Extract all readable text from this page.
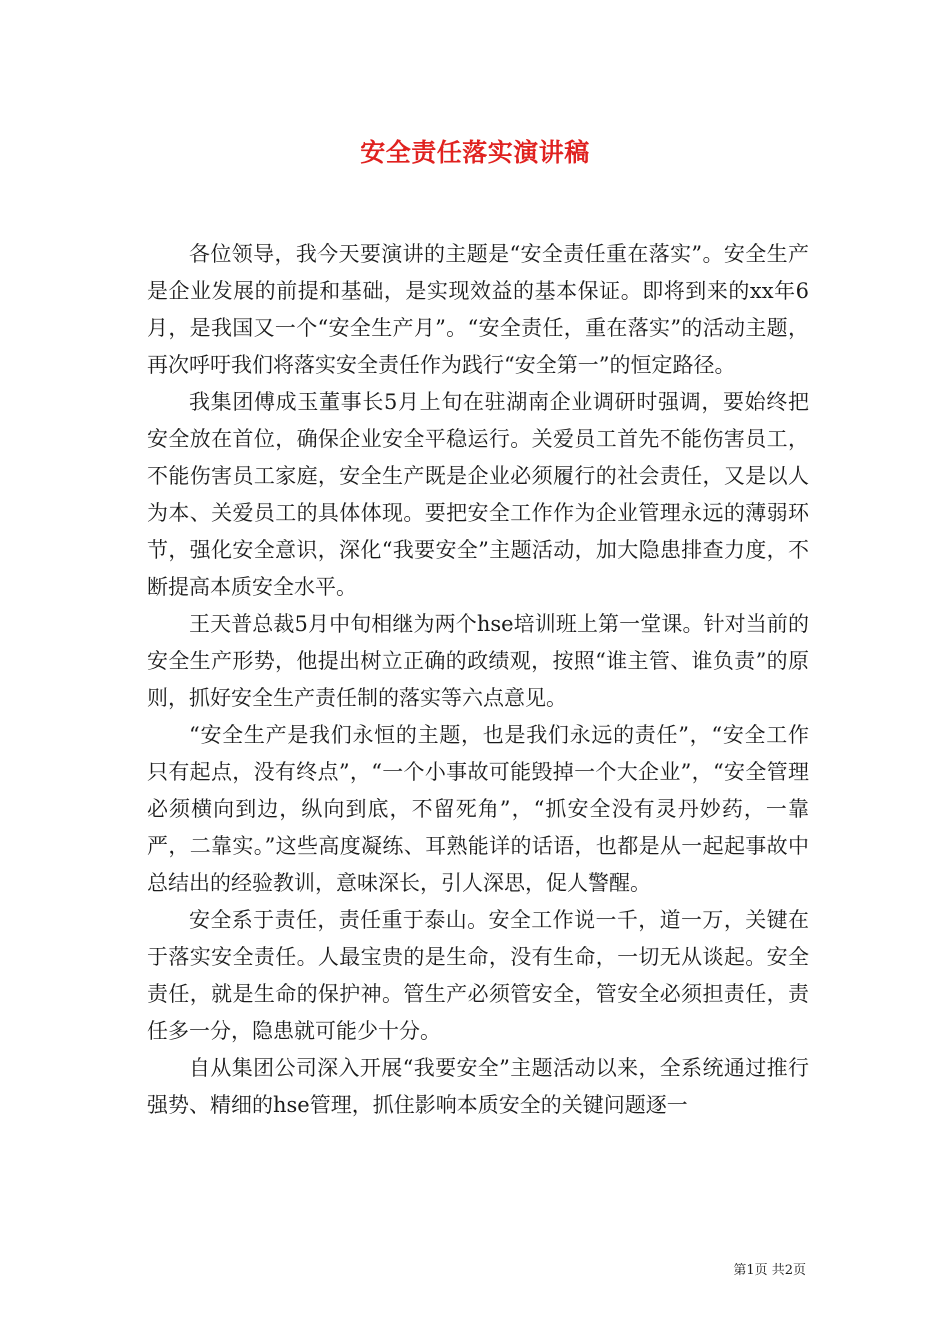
安全责任落实演讲稿

各位领导，我今天要演讲的主题是“安全责任重在落实”。安全生产是企业发展的前提和基础，是实现效益的基本保证。即将到来的xx年6月，是我国又一个“安全生产月”。“安全责任，重在落实”的活动主题，再次呼吁我们将落实安全责任作为践行“安全第一”的恒定路径。

我集团傅成玉董事长5月上旬在驻湖南企业调研时强调，要始终把安全放在首位，确保企业安全平稳运行。关爱员工首先不能伤害员工，不能伤害员工家庭，安全生产既是企业必须履行的社会责任，又是以人为本、关爱员工的具体体现。要把安全工作作为企业管理永远的薄弱环节，强化安全意识，深化“我要安全”主题活动，加大隐患排查力度，不断提高本质安全水平。

王天普总裁5月中旬相继为两个hse培训班上第一堂课。针对当前的安全生产形势，他提出树立正确的政绩观，按照“谁主管、谁负责”的原则，抓好安全生产责任制的落实等六点意见。

“安全生产是我们永恒的主题，也是我们永远的责任”，“安全工作只有起点，没有终点”，“一个小事故可能毁掉一个大企业”，“安全管理必须横向到边，纵向到底，不留死角”，“抓安全没有灵丹妙药，一靠严，二靠实。”这些高度凝练、耳熟能详的话语，也都是从一起起事故中总结出的经验教训，意味深长，引人深思，促人警醒。

安全系于责任，责任重于泰山。安全工作说一千，道一万，关键在于落实安全责任。人最宝贵的是生命，没有生命，一切无从谈起。安全责任，就是生命的保护神。管生产必须管安全，管安全必须担责任，责任多一分，隐患就可能少十分。

自从集团公司深入开展“我要安全”主题活动以来，全系统通过推行强势、精细的hse管理，抓住影响本质安全的关键问题逐一

第1页 共2页
